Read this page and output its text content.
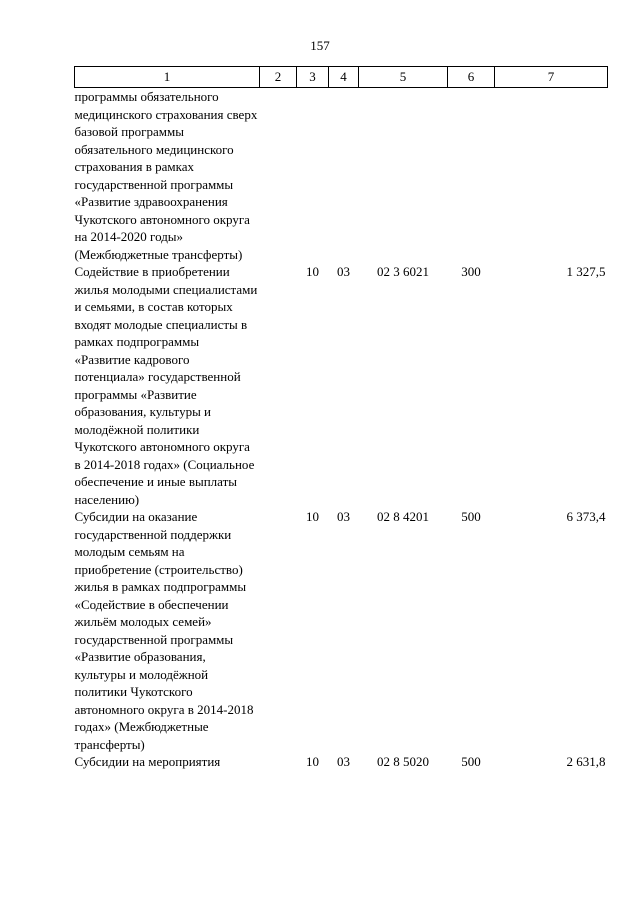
157
1	2	3	4	5	6	7
программы обязательного медицинского страхования сверх базовой программы обязательного медицинского страхования в рамках государственной программы «Развитие здравоохранения Чукотского автономного округа на 2014-2020 годы» (Межбюджетные трансферты)						
Содействие в приобретении жилья молодыми специалистами и семьями, в состав которых входят молодые специалисты в рамках подпрограммы «Развитие кадрового потенциала» государственной программы «Развитие образования, культуры и молодёжной политики Чукотского автономного округа в 2014-2018 годах» (Социальное обеспечение и иные выплаты населению)		10	03	02 3 6021	300	1 327,5
Субсидии на оказание государственной поддержки молодым семьям на приобретение (строительство) жилья в рамках подпрограммы «Содействие в обеспечении жильём молодых семей» государственной программы «Развитие образования, культуры и молодёжной политики Чукотского автономного округа в 2014-2018 годах» (Межбюджетные трансферты)		10	03	02 8 4201	500	6 373,4
Субсидии на мероприятия		10	03	02 8 5020	500	2 631,8
